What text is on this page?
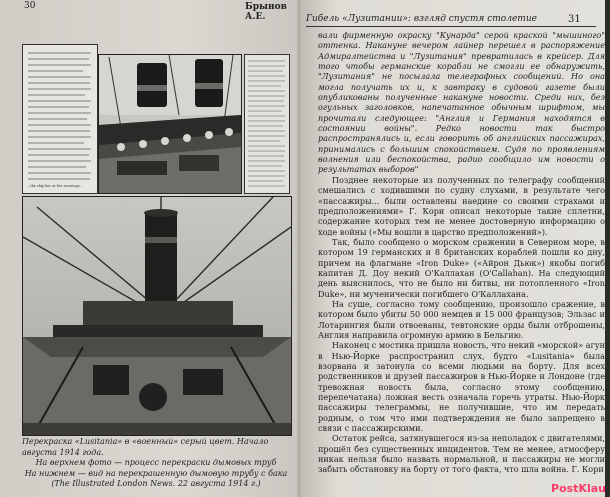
30	Брынов А.Е.
...the ship lies at her moorings...

Перекраска «Lusitania» в «военный» серый цвет. Начало августа 1914 года.

На верхнем фото — процесс перекраски дымовых труб

На нижнем — вид на перекрашенную дымовую трубу с бака

(The Illustrated London News. 22 августа 1914 г.)

Гибель «Лузитании»: взгляд спустя столетие	31

вали фирменную окраску "Кунарда" серой краской "мышиного" оттенка. Накануне вечером лайнер перешел в распоряжение Адмиралтейства и "Лузитания" превратилась в крейсер. Для того чтобы германские корабли не смогли ее обнаружить, "Лузитания" не посылала телеграфных сообщений. Но она могла получать их и, к завтраку в судовой газете были опубликованы полученные накануне новости. Среди них, без огульных заголовков, напечатанное обычным шрифтом, мы прочитали следующее: "Англия и Германия находятся в состоянии войны". Редко новости так быстро распространялись и, если говорить об английских пассажирах, принимались с большим спокойствием. Судя по проявлениям волнения или беспокойства, радио сообщило им новости о результатах выборов"

Позднее некоторые из полученных по телеграфу сообщений смешались с ходившими по судну слухами, в результате чего «пассажиры... были оставлены наедине со своими страхами и предположениями» Г. Кори описал некоторые такие сплетни, содержание которых тем не менее достоверную информацию о ходе войны («Мы вошли в царство предположений»).

Так, было сообщено о морском сражении в Северном море, в котором 19 германских и 8 британских кораблей пошли ко дну, причем на флагмане «Iron Duke» («Айрон Дьюк») якобы погиб капитан Д. Доу некий О'Каллахан (O'Callahan). На следующий день выяснилось, что не было ни битвы, ни потопленного «Iron Duke», ни мученически погибшего О'Каллахана.

На суше, согласно тому сообщению, произошло сражение, в котором было убиты 50 000 немцев и 15 000 французов; Эльзас и Лотарингия были отвоеваны, тевтонские орды были отброшены, Англия направила огромную армию в Бельгию.

Наконец с мостика пришла новость, что некий «морской» агун в Нью-Йорке распространил слух, будто «Lusitania» была взорвана и затонула со всеми людьми на борту. Для всех родственников и друзей пассажиров в Нью-Йорке и Лондоне (где тревожная новость была, согласно этому сообщению, перепечатана) ложная весть означала горечь утраты. Нью-Йорк пассажиры телеграммы, не получившие, что им передать родным, о том что ими подтверждения не было запрещено в связи с пассажирскими.

Остаток рейса, затянувшегося из-за неполадок с двигателями, прошёл без существенных инцидентов. Тем не менее, атмосферу никак нельзя было назвать нормальной, и пассажиры не могли забыть обстановку на борту от того факта, что шла война. Г. Кори

PostKlau
